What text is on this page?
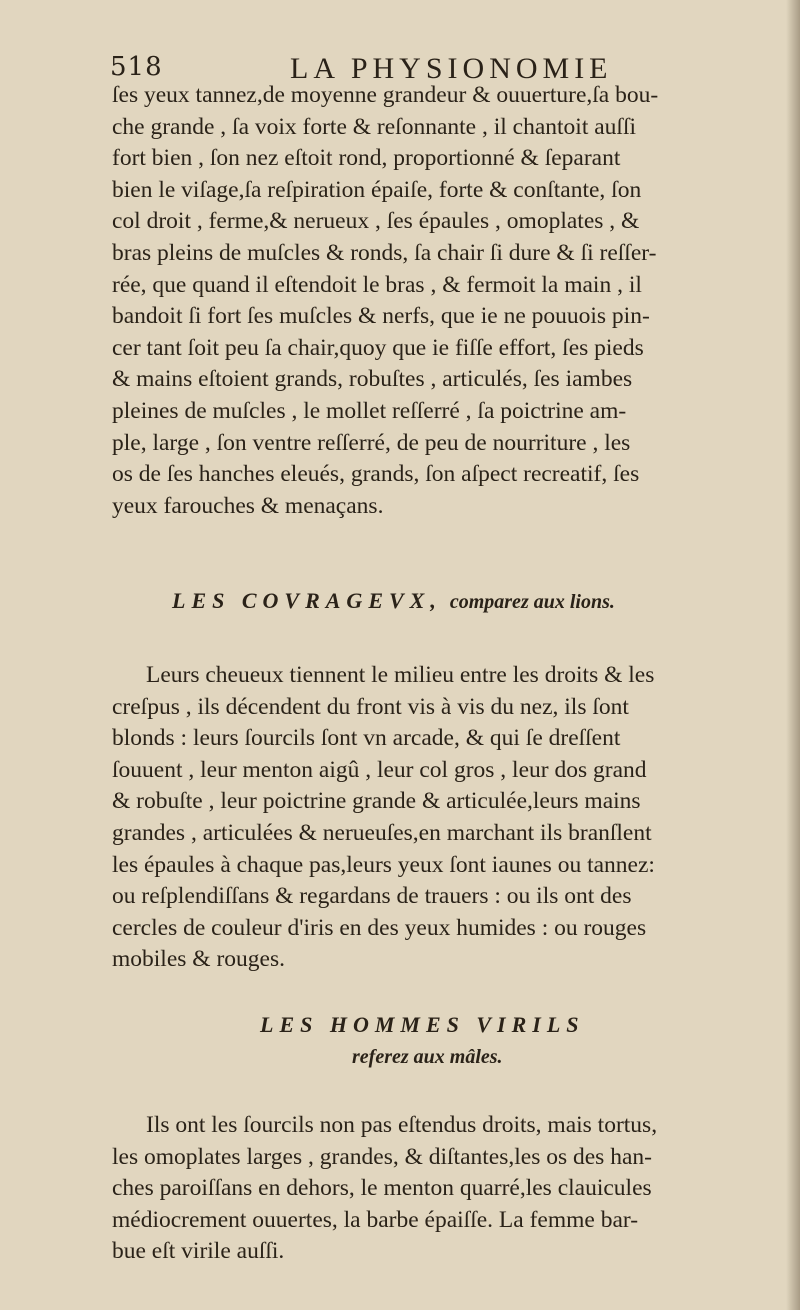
518	LA PHYSIONOMIE
ſes yeux tannez,de moyenne grandeur & ouuerture,ſa bou-
che grande , ſa voix forte & reſonnante , il chantoit auſſi
fort bien , ſon nez eſtoit rond, proportionné & ſeparant
bien le viſage,ſa reſpiration épaiſe, forte & conſtante, ſon
col droit , ferme,& nerueux , ſes épaules , omoplates , &
bras pleins de muſcles & ronds, ſa chair ſi dure & ſi reſſer-
rée, que quand il eſtendoit le bras , & fermoit la main , il
bandoit ſi fort ſes muſcles & nerfs, que ie ne pouuois pin-
cer tant ſoit peu ſa chair,quoy que ie fiſſe effort, ſes pieds
& mains eſtoient grands, robuſtes , articulés, ſes iambes
pleines de muſcles , le mollet reſſerré , ſa poictrine am-
ple, large , ſon ventre reſſerré, de peu de nourriture , les
os de ſes hanches eleués, grands, ſon aſpect recreatif, ſes
yeux farouches & menaçans.
LES COVRAGEVX, comparez aux lions.
Leurs cheueux tiennent le milieu entre les droits & les
creſpus , ils décendent du front vis à vis du nez, ils ſont
blonds : leurs ſourcils ſont vn arcade, & qui ſe dreſſent
ſouuent , leur menton aigû , leur col gros , leur dos grand
& robuſte , leur poictrine grande & articulée,leurs mains
grandes , articulées & nerueuſes,en marchant ils branſlent
les épaules à chaque pas,leurs yeux ſont iaunes ou tannez:
ou reſplendiſſans & regardans de trauers : ou ils ont des
cercles de couleur d'iris en des yeux humides : ou rouges
mobiles & rouges.
LES HOMMES VIRILS
referez aux mâles.
Ils ont les ſourcils non pas eſtendus droits, mais tortus,
les omoplates larges , grandes, & diſtantes,les os des han-
ches paroiſſans en dehors, le menton quarré,les clauicules
médiocrement ouuertes, la barbe épaiſſe. La femme bar-
bue eſt virile auſſi.
